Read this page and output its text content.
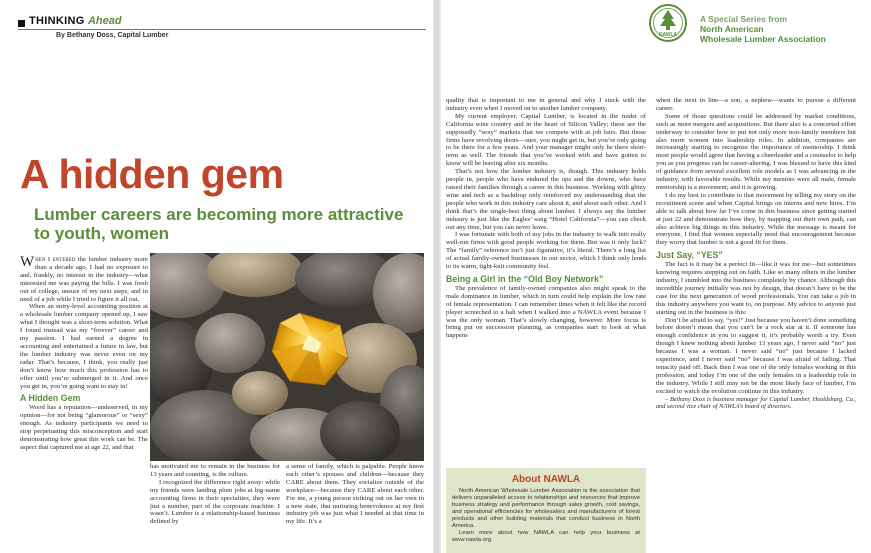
THINKING Ahead
By Bethany Doss, Capital Lumber	NAWLA
A Special Series from
North American
Wholesale Lumber Association
A hidden gem
Lumber careers are becoming more attractive to youth, women

When I entered the lumber industry more than a decade ago, I had no exposure to and, frankly, no interest in the industry—what interested me was paying the bills. I was fresh out of college, unsure of my next steps, and in need of a job while I tried to figure it all out.

When an entry-level accounting position at a wholesale lumber company opened up, I saw what I thought was a short-term solution. What I found instead was my “forever” career and my passion. I had earned a degree in accounting and entertained a future in law, but the lumber industry was never even on my radar. That’s because, I think, you really just don’t know how much this profession has to offer until you’re submerged in it. And once you get in, you’re going want to stay in!

A Hidden Gem

Wood has a reputation—undeserved, in my opinion—for not being “glamorous” or “sexy” enough. As industry participants we need to stop perpetuating this misconception and start demonstrating how great this work can be. The aspect that captured me at age 22, and that

has motivated me to remain in the business for 13 years and counting, is the culture.

I recognized the difference right away: while my friends were landing plum jobs at big-name accounting firms in their specialties, they were just a number, part of the corporate machine. I wasn’t. Lumber is a relationship-based business defined by

a sense of family, which is palpable. People know each other’s spouses and children—because they CARE about them. They socialize outside of the workplace—because they CARE about each other. For me, a young person striking out on her own in a new state, that nurturing benevolence at my first industry job was just what I needed at that time in my life. It’s a

quality that is important to me in general and why I stuck with the industry even when I moved on to another lumber company.

My current employer, Capital Lumber, is located in the midst of California wine country and in the heart of Silicon Valley; these are the supposedly “sexy” markets that we compete with at job fairs. But those firms have revolving doors—sure, you might get in, but you’re only going to be there for a few years. And your manager might only be there short-term as well. The friends that you’ve worked with and have gotten to know will be leaving after six months.

That’s not how the lumber industry is, though. This industry holds people in, people who have endured the ups and the downs, who have raised their families through a career in this business. Working with glitzy wine and tech as a backdrop only reinforced my understanding that the people who work in this industry care about it, and about each other. And I think that’s the single-best thing about lumber. I always say the lumber industry is just like the Eagles’ song “Hotel California”—you can check out any time, but you can never leave.

I was fortunate with both of my jobs in the industry to walk into really well-run firms with good people working for them. But was it only luck? The “family” reference isn’t just figurative, it’s literal. There’s a long list of actual family-owned businesses in our sector, which I think only lends to its warm, tight-knit community feel.

Being a Girl in the “Old Boy Network”

The prevalence of family-owned companies also might speak to the male dominance in lumber, which in turn could help explain the low rate of female representation. I can remember times when it felt like the record player screeched to a halt when I walked into a NAWLA event because I was the only woman. That’s slowly changing, however. More focus is being put on succession planning, as companies start to look at what happens

About NAWLA

North American Wholesale Lumber Association is the association that delivers unparalleled access to relationships and resources that improve business strategy and performance through sales growth, cost savings, and operational efficiencies for wholesalers and manufacturers of forest products and other building materials that conduct business in North America.

Learn more about how NAWLA can help your business at www.nawla.org.

when the next in line—a son, a nephew—wants to pursue a different career.

Some of those questions could be addressed by market conditions, such as more mergers and acquisitions. But there also is a concerted effort underway to consider how to put not only more non-family members but also more women into leadership roles. In addition, companies are increasingly starting to recognize the importance of mentorship. I think most people would agree that having a cheerleader and a counselor to help you as you progress can be career-altering. I was blessed to have this kind of guidance from several excellent role models as I was advancing in the industry, with favorable results. While my mentors were all male, female mentorship is a movement; and it is growing.

I do my best to contribute to that movement by telling my story on the recruitment scene and when Capital brings on interns and new hires. I’m able to talk about how far I’ve come in this business since getting started at just 22 and demonstrate how they, by mapping out their own path, can also achieve big things in this industry. While the message is meant for everyone, I find that women especially need that encouragement because they worry that lumber is not a good fit for them.

Just Say, “YES”

The fact is it may be a perfect fit—like it was for me—but sometimes knowing requires stepping out on faith. Like so many others in the lumber industry, I stumbled into the business completely by chance. Although this incredible journey initially was not by design, that doesn’t have to be the case for the next generation of wood professionals. You can take a job in this industry anywhere you want to, on purpose. My advice to anyone just starting out in the business is this:

Don’t be afraid to say, “yes!” Just because you haven’t done something before doesn’t mean that you can’t be a rock star at it. If someone has enough confidence in you to suggest it, it’s probably worth a try. Even though I knew nothing about lumber 13 years ago, I never said “no” just because I was a woman. I never said “no” just because I lacked experience, and I never said “no” because I was afraid of failing. That tenacity paid off. Back then I was one of the only females working in this profession, and today I’m one of the only females in a leadership role in the industry. While I still may not be the most likely face of lumber, I’m excited to watch the evolution continue in this industry.

– Bethany Doss is business manager for Capital Lumber, Healdsburg, Ca., and second vice chair of NAWLA’s board of directors.
